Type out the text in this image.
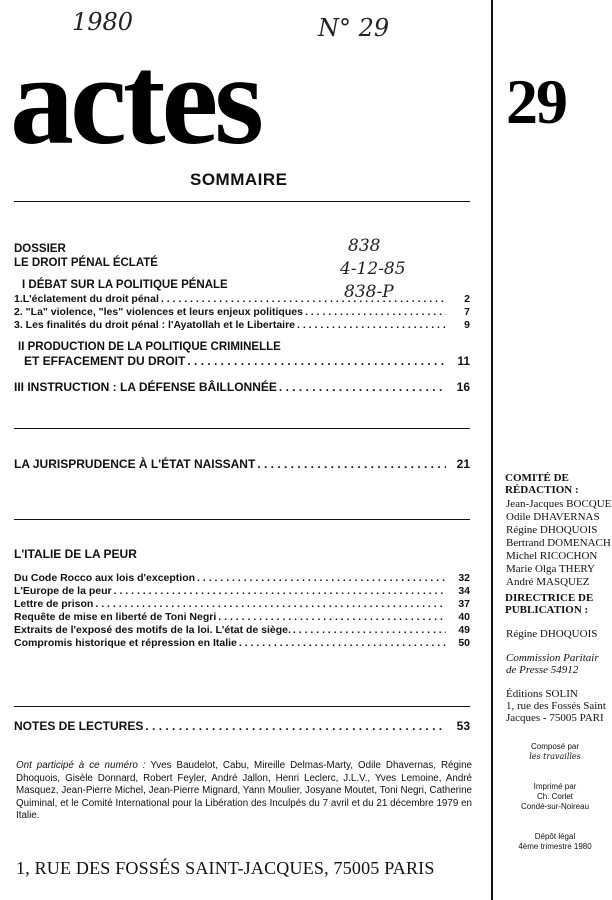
1980	N° 29
838
4-12-85
838-P
actes	29
SOMMAIRE
DOSSIER
LE DROIT PÉNAL ÉCLATÉ
I DÉBAT SUR LA POLITIQUE PÉNALE
1.L'éclatement du droit pénal . . .	2
2. "La" violence, "les" violences et leurs enjeux politiques . . .	7
3. Les finalités du droit pénal : l'Ayatollah et le Libertaire . . .	9
II PRODUCTION DE LA POLITIQUE CRIMINELLE
ET EFFACEMENT DU DROIT . . .	11
III INSTRUCTION : LA DÉFENSE BÂILLONNÉE . . .	16
LA JURISPRUDENCE À L'ÉTAT NAISSANT . . .	21
L'ITALIE DE LA PEUR
Du Code Rocco aux lois d'exception . . .	32
L'Europe de la peur . . .	34
Lettre de prison . . .	37
Requête de mise en liberté de Toni Negri . . .	40
Extraits de l'exposé des motifs de la loi. L'état de siège. . . .	49
Compromis historique et répression en Italie . . .	50
NOTES DE LECTURES . . .	53
Ont participé à ce numéro : Yves Baudelot, Cabu, Mireille Delmas-Marty, Odile Dhavernas, Régine Dhoquois, Gisèle Donnard, Robert Feyler, André Jallon, Henri Leclerc, J.L.V., Yves Lemoine, André Masquez, Jean-Pierre Michel, Jean-Pierre Mignard, Yann Moulier, Josyane Moutet, Toni Negri, Catherine Quiminal, et le Comité International pour la Libération des Inculpés du 7 avril et du 21 décembre 1979 en Italie.
1, RUE DES FOSSÉS SAINT-JACQUES, 75005 PARIS
COMITÉ DE
RÉDACTION :
Jean-Jacques BOCQUE
Odile DHAVERNAS
Régine DHOQUOIS
Bertrand DOMENACH
Michel RICOCHON
Marie Olga THERY
André MASQUEZ
DIRECTRICE DE
PUBLICATION :
Régine DHOQUOIS
Commission Paritair
de Presse 54912
Éditions SOLIN
1, rue des Fossés Saint
Jacques - 75005 PARI
Composé par
les travailles
Imprimé par
Ch. Corlet
Condé-sur-Noireau
Dépôt légal
4ème trimestre 1980
